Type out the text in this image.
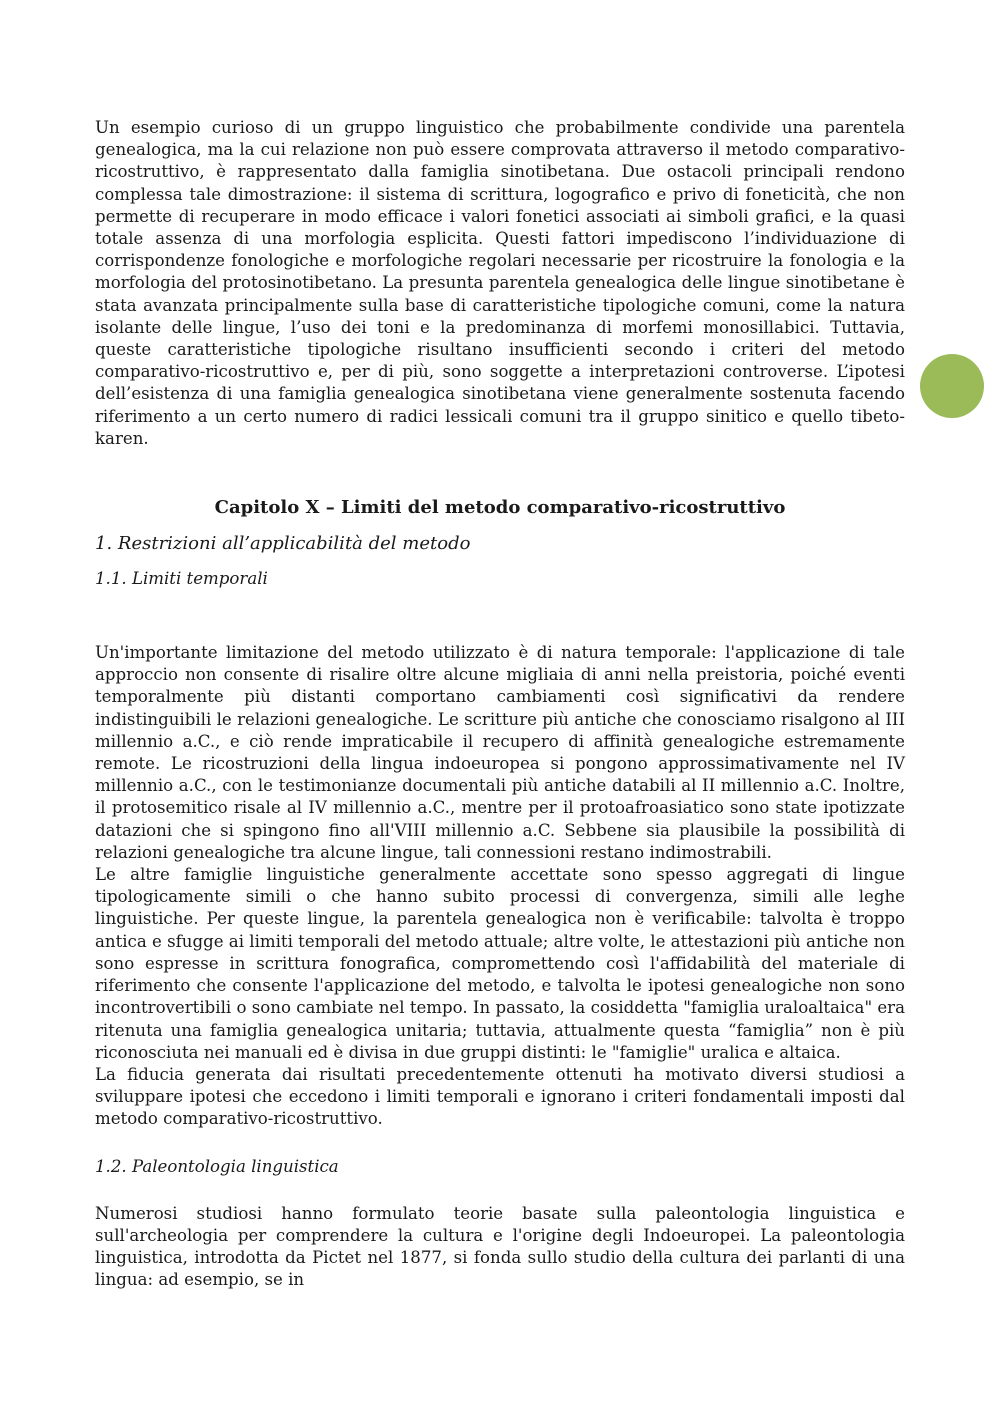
Un esempio curioso di un gruppo linguistico che probabilmente condivide una parentela genealogica, ma la cui relazione non può essere comprovata attraverso il metodo comparativo-ricostruttivo, è rappresentato dalla famiglia sinotibetana. Due ostacoli principali rendono complessa tale dimostrazione: il sistema di scrittura, logografico e privo di foneticità, che non permette di recuperare in modo efficace i valori fonetici associati ai simboli grafici, e la quasi totale assenza di una morfologia esplicita. Questi fattori impediscono l’individuazione di corrispondenze fonologiche e morfologiche regolari necessarie per ricostruire la fonologia e la morfologia del protosinotibetano. La presunta parentela genealogica delle lingue sinotibetane è stata avanzata principalmente sulla base di caratteristiche tipologiche comuni, come la natura isolante delle lingue, l’uso dei toni e la predominanza di morfemi monosillabici. Tuttavia, queste caratteristiche tipologiche risultano insufficienti secondo i criteri del metodo comparativo-ricostruttivo e, per di più, sono soggette a interpretazioni controverse. L’ipotesi dell’esistenza di una famiglia genealogica sinotibetana viene generalmente sostenuta facendo riferimento a un certo numero di radici lessicali comuni tra il gruppo sinitico e quello tibeto-karen.

Capitolo X – Limiti del metodo comparativo-ricostruttivo
1. Restrizioni all’applicabilità del metodo
1.1. Limiti temporali

Un'importante limitazione del metodo utilizzato è di natura temporale: l'applicazione di tale approccio non consente di risalire oltre alcune migliaia di anni nella preistoria, poiché eventi temporalmente più distanti comportano cambiamenti così significativi da rendere indistinguibili le relazioni genealogiche. Le scritture più antiche che conosciamo risalgono al III millennio a.C., e ciò rende impraticabile il recupero di affinità genealogiche estremamente remote. Le ricostruzioni della lingua indoeuropea si pongono approssimativamente nel IV millennio a.C., con le testimonianze documentali più antiche databili al II millennio a.C. Inoltre, il protosemitico risale al IV millennio a.C., mentre per il protoafroasiatico sono state ipotizzate datazioni che si spingono fino all'VIII millennio a.C. Sebbene sia plausibile la possibilità di relazioni genealogiche tra alcune lingue, tali connessioni restano indimostrabili.

Le altre famiglie linguistiche generalmente accettate sono spesso aggregati di lingue tipologicamente simili o che hanno subito processi di convergenza, simili alle leghe linguistiche. Per queste lingue, la parentela genealogica non è verificabile: talvolta è troppo antica e sfugge ai limiti temporali del metodo attuale; altre volte, le attestazioni più antiche non sono espresse in scrittura fonografica, compromettendo così l'affidabilità del materiale di riferimento che consente l'applicazione del metodo, e talvolta le ipotesi genealogiche non sono incontrovertibili o sono cambiate nel tempo. In passato, la cosiddetta "famiglia uraloaltaica" era ritenuta una famiglia genealogica unitaria; tuttavia, attualmente questa “famiglia” non è più riconosciuta nei manuali ed è divisa in due gruppi distinti: le "famiglie" uralica e altaica.

La fiducia generata dai risultati precedentemente ottenuti ha motivato diversi studiosi a sviluppare ipotesi che eccedono i limiti temporali e ignorano i criteri fondamentali imposti dal metodo comparativo-ricostruttivo.

1.2. Paleontologia linguistica

Numerosi studiosi hanno formulato teorie basate sulla paleontologia linguistica e sull'archeologia per comprendere la cultura e l'origine degli Indoeuropei. La paleontologia linguistica, introdotta da Pictet nel 1877, si fonda sullo studio della cultura dei parlanti di una lingua: ad esempio, se in
